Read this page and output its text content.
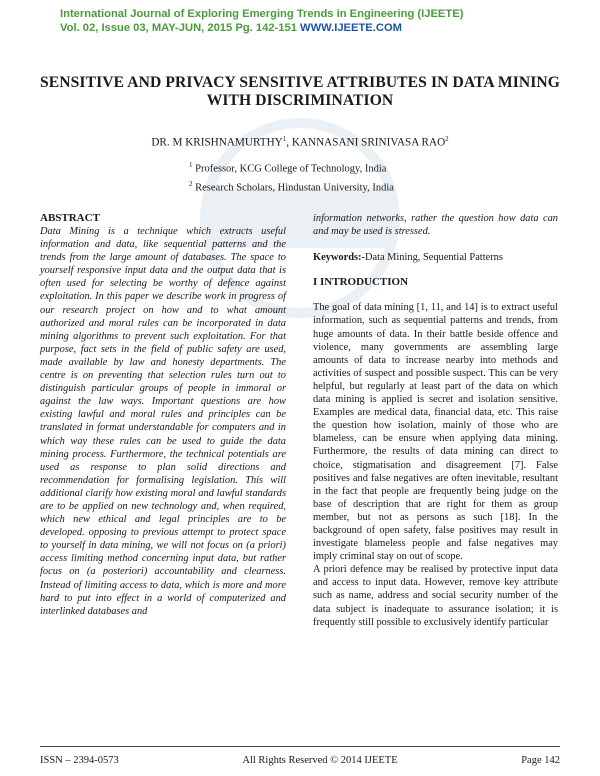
International Journal of Exploring Emerging Trends in Engineering (IJEETE)
Vol. 02, Issue 03, MAY-JUN, 2015 Pg. 142-151 WWW.IJEETE.COM
SENSITIVE AND PRIVACY SENSITIVE ATTRIBUTES IN DATA MINING WITH DISCRIMINATION
DR. M KRISHNAMURTHY$^1$, KANNASANI SRINIVASA RAO$^2$
$^1$ Professor, KCG College of Technology, India
$^2$ Research Scholars, Hindustan University, India

ABSTRACT

Data Mining is a technique which extracts useful information and data, like sequential patterns and the trends from the large amount of databases. The space to yourself responsive input data and the output data that is often used for selecting be worthy of defence against exploitation. In this paper we describe work in progress of our research project on how and to what amount authorized and moral rules can be incorporated in data mining algorithms to prevent such exploitation. For that purpose, fact sets in the field of public safety are used, made available by law and honesty departments. The centre is on preventing that selection rules turn out to distinguish particular groups of people in immoral or against the law ways. Important questions are how existing lawful and moral rules and principles can be translated in format understandable for computers and in which way these rules can be used to guide the data mining process. Furthermore, the technical potentials are used as response to plan solid directions and recommendation for formalising legislation. This will additional clarify how existing moral and lawful standards are to be applied on new technology and, when required, which new ethical and legal principles are to be developed. opposing to previous attempt to protect space to yourself in data mining, we will not focus on (a priori) access limiting method concerning input data, but rather focus on (a posteriori) accountability and clearness. Instead of limiting access to data, which is more and more hard to put into effect in a world of computerized and interlinked databases and

information networks, rather the question how data can and may be used is stressed.

Keywords:-Data Mining, Sequential Patterns

I INTRODUCTION

The goal of data mining [1, 11, and 14] is to extract useful information, such as sequential patterns and trends, from huge amounts of data. In their battle beside offence and violence, many governments are assembling large amounts of data to increase nearby into methods and activities of suspect and possible suspect. This can be very helpful, but regularly at least part of the data on which data mining is applied is secret and isolation sensitive. Examples are medical data, financial data, etc. This raise the question how isolation, mainly of those who are blameless, can be ensure when applying data mining. Furthermore, the results of data mining can direct to choice, stigmatisation and disagreement [7]. False positives and false negatives are often inevitable, resultant in the fact that people are frequently being judge on the base of description that are right for them as group member, but not as persons as such [18]. In the background of open safety, false positives may result in investigate blameless people and false negatives may imply criminal stay on out of scope.

A priori defence may be realised by protective input data and access to input data. However, remove key attribute such as name, address and social security number of the data subject is inadequate to assurance isolation; it is frequently still possible to exclusively identify particular

ISSN – 2394-0573	All Rights Reserved © 2014 IJEETE	Page 142
